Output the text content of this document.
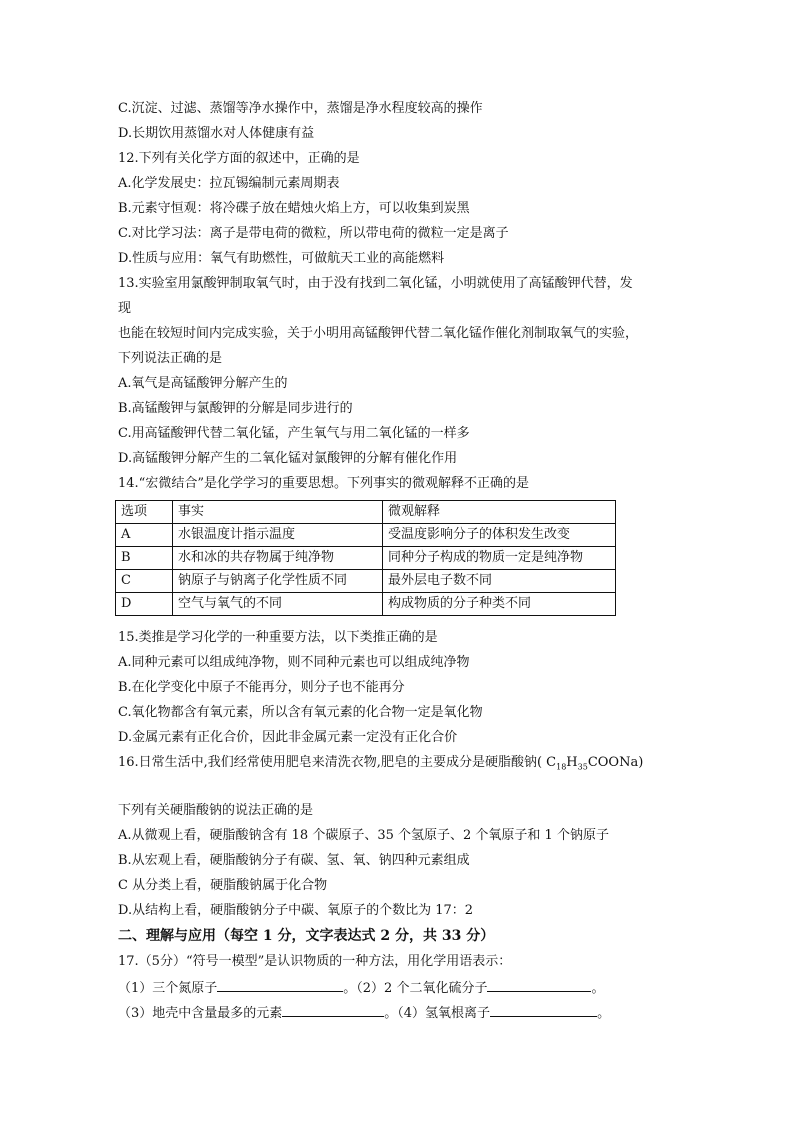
C.沉淀、过滤、蒸馏等净水操作中，蒸馏是净水程度较高的操作
D.长期饮用蒸馏水对人体健康有益
12.下列有关化学方面的叙述中，正确的是
A.化学发展史：拉瓦锡编制元素周期表
B.元素守恒观：将冷碟子放在蜡烛火焰上方，可以收集到炭黑
C.对比学习法：离子是带电荷的微粒，所以带电荷的微粒一定是离子
D.性质与应用：氧气有助燃性，可做航天工业的高能燃料
13.实验室用氯酸钾制取氧气时，由于没有找到二氧化锰，小明就使用了高锰酸钾代替，发
现
也能在较短时间内完成实验，关于小明用高锰酸钾代替二氧化锰作催化剂制取氧气的实验，
下列说法正确的是
A.氧气是高锰酸钾分解产生的
B.高锰酸钾与氯酸钾的分解是同步进行的
C.用高锰酸钾代替二氧化锰，产生氧气与用二氧化锰的一样多
D.高锰酸钾分解产生的二氧化锰对氯酸钾的分解有催化作用
14.“宏微结合”是化学学习的重要思想。下列事实的微观解释不正确的是
选项	事实	微观解释
A	水银温度计指示温度	受温度影响分子的体积发生改变
B	水和冰的共存物属于纯净物	同种分子构成的物质一定是纯净物
C	钠原子与钠离子化学性质不同	最外层电子数不同
D	空气与氧气的不同	构成物质的分子种类不同
15.类推是学习化学的一种重要方法，以下类推正确的是
A.同种元素可以组成纯净物，则不同种元素也可以组成纯净物
B.在化学变化中原子不能再分，则分子也不能再分
C.氧化物都含有氧元素，所以含有氧元素的化合物一定是氧化物
D.金属元素有正化合价，因此非金属元素一定没有正化合价
16.日常生活中,我们经常使用肥皂来清洗衣物,肥皂的主要成分是硬脂酸钠( $C_{18}H_{35}COONa$)
下列有关硬脂酸钠的说法正确的是
A.从微观上看，硬脂酸钠含有 18 个碳原子、35 个氢原子、2 个氧原子和 1 个钠原子
B.从宏观上看，硬脂酸钠分子有碳、氢、氧、钠四种元素组成
C 从分类上看，硬脂酸钠属于化合物
D.从结构上看，硬脂酸钠分子中碳、氧原子的个数比为 17：2
二、理解与应用（每空 1 分，文字表达式 2 分，共 33 分）
17.（5分）“符号一模型”是认识物质的一种方法，用化学用语表示：
（1）三个氮原子	。（2）2 个二氧化硫分子	。
（3）地壳中含量最多的元素	。（4）氢氧根离子	。
